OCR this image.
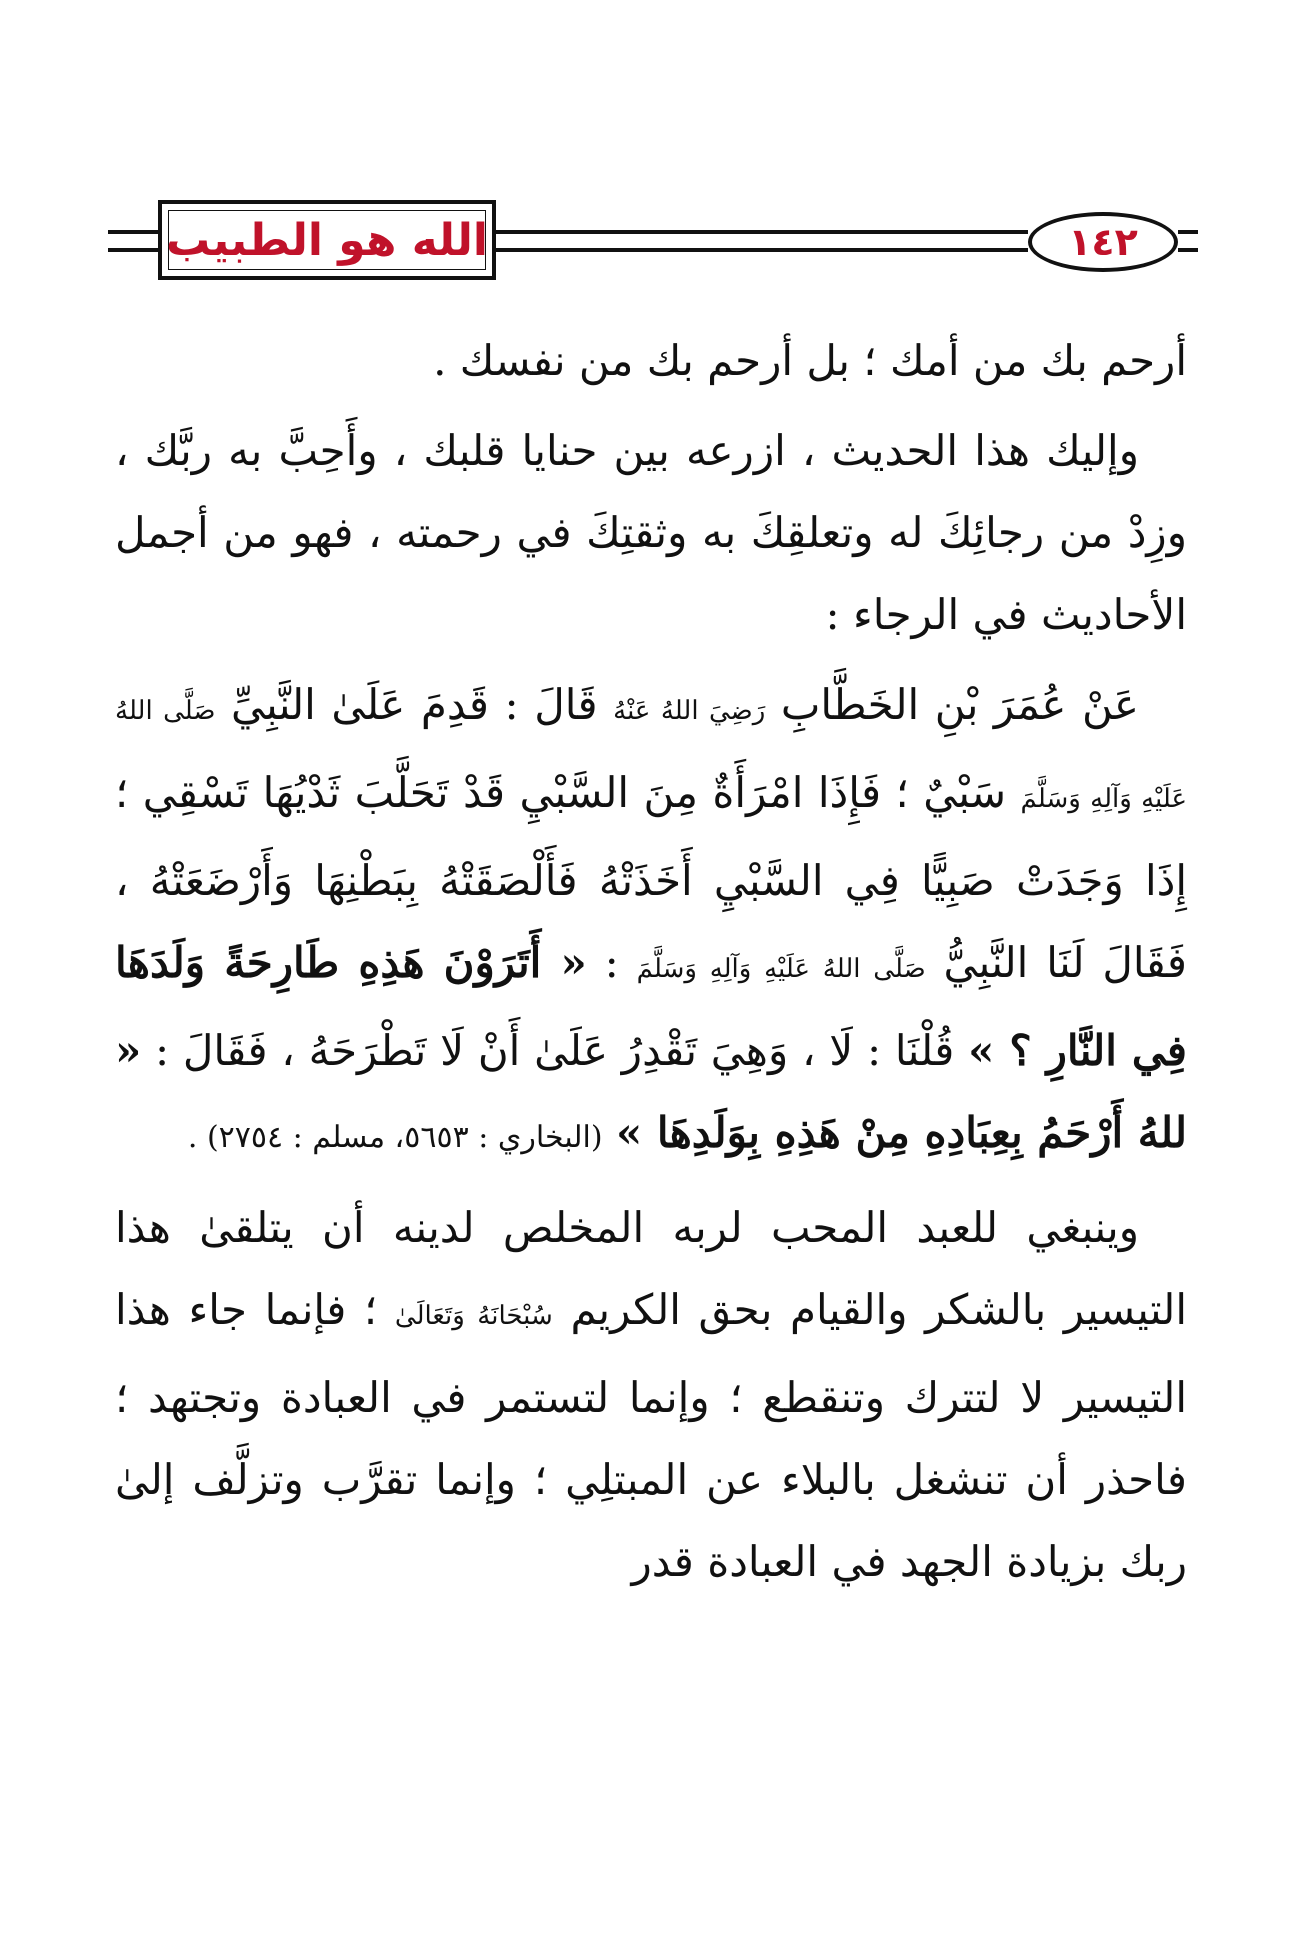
الله هو الطبيب	١٤٢

أرحم بك من أمك ؛ بل أرحم بك من نفسك .

وإليك هذا الحديث ، ازرعه بين حنايا قلبك ، وأَحِبَّ به ربَّك ، وزِدْ من رجائِكَ له وتعلقِكَ به وثقتِكَ في رحمته ، فهو من أجمل الأحاديث في الرجاء :

عَنْ عُمَرَ بْنِ الخَطَّابِ رَضِيَ اللهُ عَنْهُ قَالَ : قَدِمَ عَلَىٰ النَّبِيِّ صَلَّى اللهُ عَلَيْهِ وَآلِهِ وَسَلَّمَ سَبْيٌ ؛ فَإِذَا امْرَأَةٌ مِنَ السَّبْيِ قَدْ تَحَلَّبَ ثَدْيُهَا تَسْقِي ؛ إِذَا وَجَدَتْ صَبِيًّا فِي السَّبْيِ أَخَذَتْهُ فَأَلْصَقَتْهُ بِبَطْنِهَا وَأَرْضَعَتْهُ ، فَقَالَ لَنَا النَّبِيُّ صَلَّى اللهُ عَلَيْهِ وَآلِهِ وَسَلَّمَ : « أَتَرَوْنَ هَذِهِ طَارِحَةً وَلَدَهَا فِي النَّارِ ؟ » قُلْنَا : لَا ، وَهِيَ تَقْدِرُ عَلَىٰ أَنْ لَا تَطْرَحَهُ ، فَقَالَ : « للهُ أَرْحَمُ بِعِبَادِهِ مِنْ هَذِهِ بِوَلَدِهَا » (البخاري : ٥٦٥٣، مسلم : ٢٧٥٤) .

وينبغي للعبد المحب لربه المخلص لدينه أن يتلقىٰ هذا التيسير بالشكر والقيام بحق الكريم سُبْحَانَهُ وَتَعَالَىٰ ؛ فإنما جاء هذا التيسير لا لتترك وتنقطع ؛ وإنما لتستمر في العبادة وتجتهد ؛ فاحذر أن تنشغل بالبلاء عن المبتلِي ؛ وإنما تقرَّب وتزلَّف إلىٰ ربك بزيادة الجهد في العبادة قدر
